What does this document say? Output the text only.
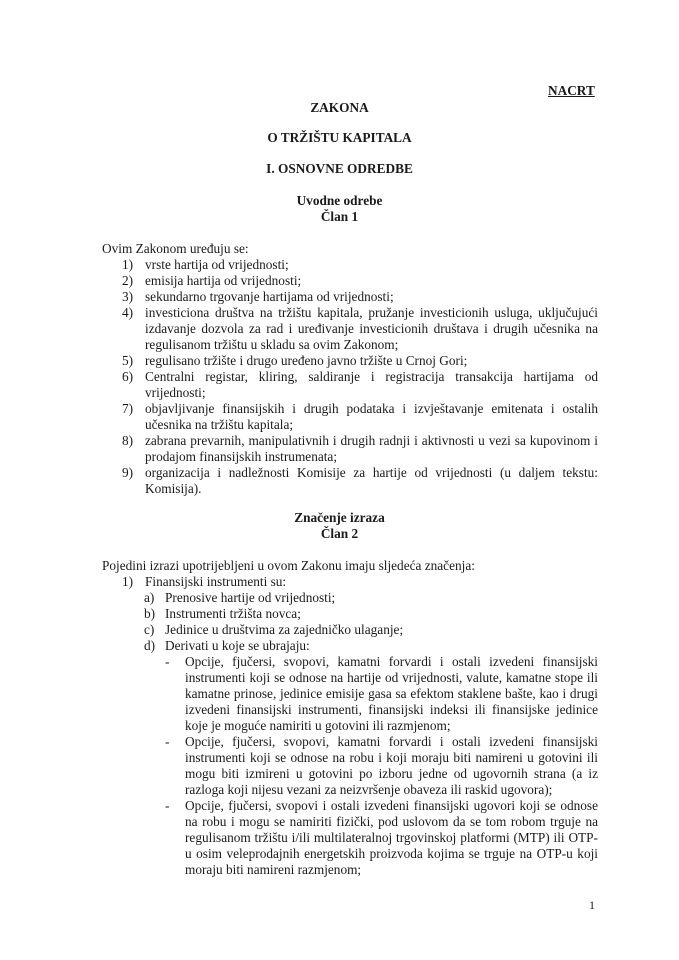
NACRT
ZAKONA
O TRŽIŠTU KAPITALA
I. OSNOVNE ODREDBE
Uvodne odrebe
Član 1
Ovim Zakonom uređuju se:
1) vrste hartija od vrijednosti;
2) emisija hartija od vrijednosti;
3) sekundarno trgovanje hartijama od vrijednosti;
4) investiciona društva na tržištu kapitala, pružanje investicionih usluga, uključujući izdavanje dozvola za rad i uređivanje investicionih društava i drugih učesnika na regulisanom tržištu u skladu sa ovim Zakonom;
5) regulisano tržište i drugo uređeno javno tržište u Crnoj Gori;
6) Centralni registar, kliring, saldiranje i registracija transakcija hartijama od vrijednosti;
7) objavljivanje finansijskih i drugih podataka i izvještavanje emitenata i ostalih učesnika na tržištu kapitala;
8) zabrana prevarnih, manipulativnih i drugih radnji i aktivnosti u vezi sa kupovinom i prodajom finansijskih instrumenata;
9) organizacija i nadležnosti Komisije za hartije od vrijednosti (u daljem tekstu: Komisija).
Značenje izraza
Član 2
Pojedini izrazi upotrijebljeni u ovom Zakonu imaju sljedeća značenja:
1) Finansijski instrumenti su:
a) Prenosive hartije od vrijednosti;
b) Instrumenti tržišta novca;
c) Jedinice u društvima za zajedničko ulaganje;
d) Derivati u koje se ubrajaju:
-	Opcije, fjučersi, svopovi, kamatni forvardi i ostali izvedeni finansijski instrumenti koji se odnose na hartije od vrijednosti, valute, kamatne stope ili kamatne prinose, jedinice emisije gasa sa efektom staklene bašte, kao i drugi izvedeni finansijski instrumenti, finansijski indeksi ili finansijske jedinice koje je moguće namiriti u gotovini ili razmjenom;
-	Opcije, fjučersi, svopovi, kamatni forvardi i ostali izvedeni finansijski instrumenti koji se odnose na robu i koji moraju biti namireni u gotovini ili mogu biti izmireni u gotovini po izboru jedne od ugovornih strana (a iz razloga koji nijesu vezani za neizvršenje obaveza ili raskid ugovora);
-	Opcije, fjučersi, svopovi i ostali izvedeni finansijski ugovori koji se odnose na robu i mogu se namiriti fizički, pod uslovom da se tom robom trguje na regulisanom tržištu i/ili multilateralnoj trgovinskoj platformi (MTP) ili OTP-u osim veleprodajnih energetskih proizvoda kojima se trguje na OTP-u koji moraju biti namireni razmjenom;
1
